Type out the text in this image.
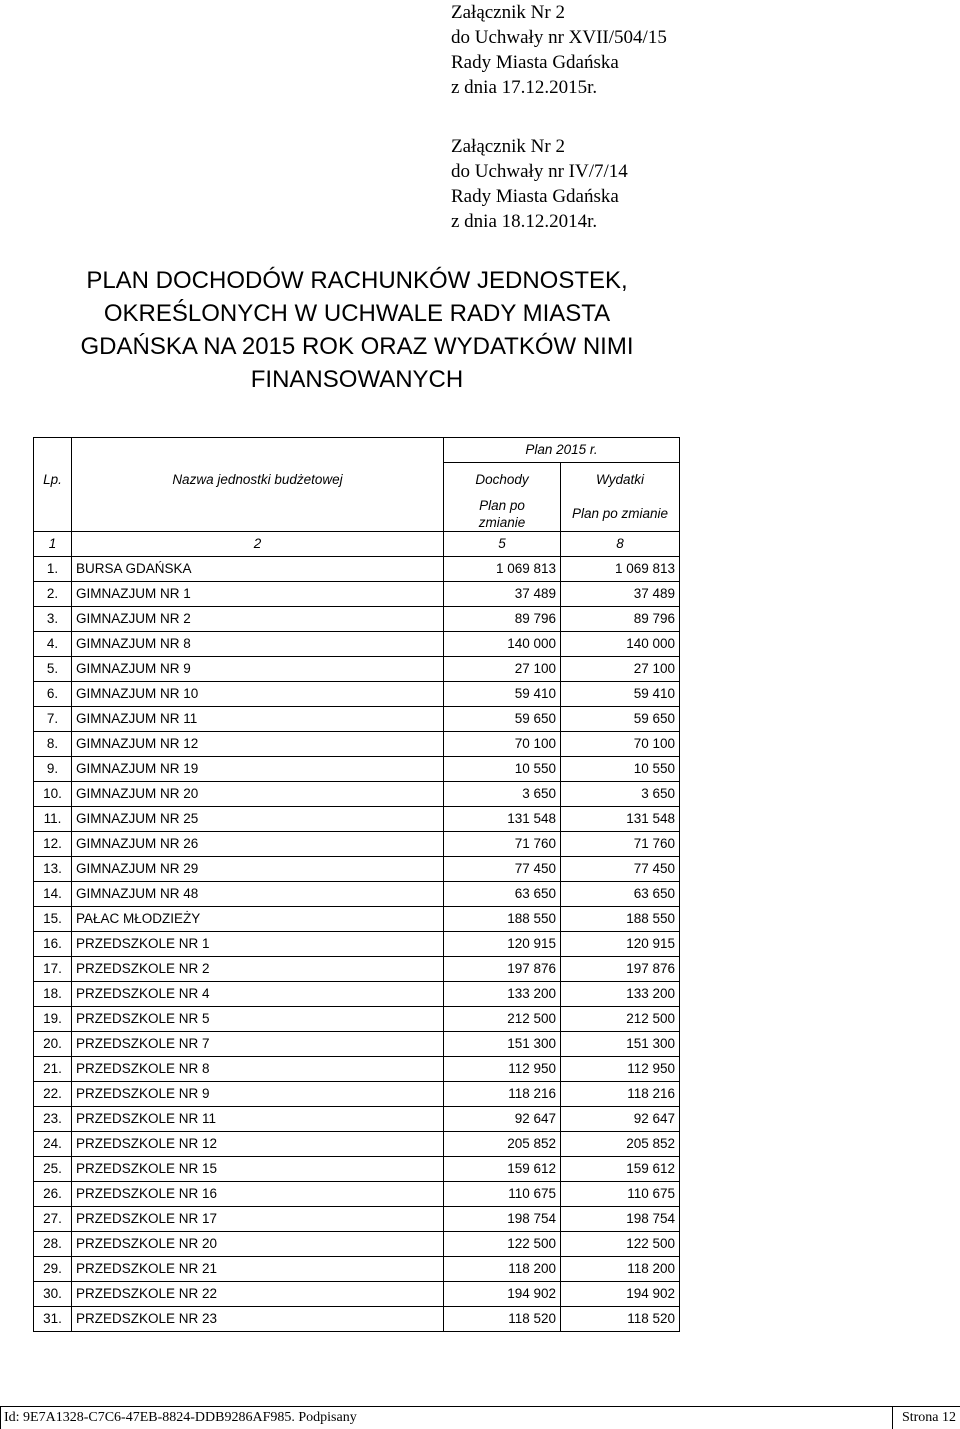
Załącznik Nr 2
do Uchwały nr XVII/504/15
Rady Miasta Gdańska
z dnia 17.12.2015r.
Załącznik Nr 2
do Uchwały nr IV/7/14
Rady Miasta Gdańska
z dnia 18.12.2014r.
PLAN DOCHODÓW RACHUNKÓW JEDNOSTEK,
OKREŚLONYCH W UCHWALE RADY MIASTA
GDAŃSKA NA 2015 ROK ORAZ WYDATKÓW NIMI
FINANSOWANYCH
		Plan 2015 r.	
Lp.	Nazwa jednostki budżetowej	Dochody	Wydatki
		Plan po zmianie	Plan po zmianie
1	2	5	8
1.	BURSA GDAŃSKA	1 069 813	1 069 813
2.	GIMNAZJUM NR 1	37 489	37 489
3.	GIMNAZJUM NR 2	89 796	89 796
4.	GIMNAZJUM NR 8	140 000	140 000
5.	GIMNAZJUM NR 9	27 100	27 100
6.	GIMNAZJUM NR 10	59 410	59 410
7.	GIMNAZJUM NR 11	59 650	59 650
8.	GIMNAZJUM NR 12	70 100	70 100
9.	GIMNAZJUM NR 19	10 550	10 550
10.	GIMNAZJUM NR 20	3 650	3 650
11.	GIMNAZJUM NR 25	131 548	131 548
12.	GIMNAZJUM NR 26	71 760	71 760
13.	GIMNAZJUM NR 29	77 450	77 450
14.	GIMNAZJUM NR 48	63 650	63 650
15.	PAŁAC MŁODZIEŻY	188 550	188 550
16.	PRZEDSZKOLE NR 1	120 915	120 915
17.	PRZEDSZKOLE NR 2	197 876	197 876
18.	PRZEDSZKOLE NR 4	133 200	133 200
19.	PRZEDSZKOLE NR 5	212 500	212 500
20.	PRZEDSZKOLE NR 7	151 300	151 300
21.	PRZEDSZKOLE NR 8	112 950	112 950
22.	PRZEDSZKOLE NR 9	118 216	118 216
23.	PRZEDSZKOLE NR 11	92 647	92 647
24.	PRZEDSZKOLE NR 12	205 852	205 852
25.	PRZEDSZKOLE NR 15	159 612	159 612
26.	PRZEDSZKOLE NR 16	110 675	110 675
27.	PRZEDSZKOLE NR 17	198 754	198 754
28.	PRZEDSZKOLE NR 20	122 500	122 500
29.	PRZEDSZKOLE NR 21	118 200	118 200
30.	PRZEDSZKOLE NR 22	194 902	194 902
31.	PRZEDSZKOLE NR 23	118 520	118 520
Id: 9E7A1328-C7C6-47EB-8824-DDB9286AF985. Podpisany	Strona 12
